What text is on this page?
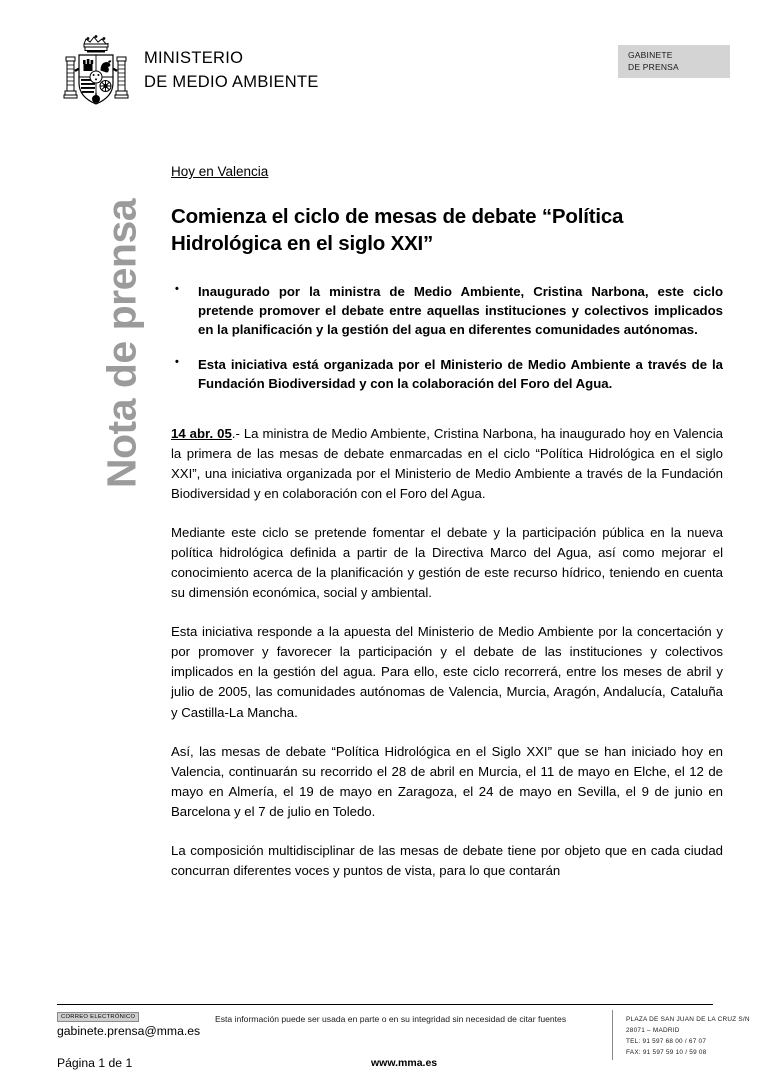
MINISTERIO
DE MEDIO AMBIENTE
GABINETE
DE PRENSA
Nota de prensa
Hoy en Valencia
Comienza el ciclo de mesas de debate “Política Hidrológica en el siglo XXI”
• Inaugurado por la ministra de Medio Ambiente, Cristina Narbona, este ciclo pretende promover el debate entre aquellas instituciones y colectivos implicados en la planificación y la gestión del agua en diferentes comunidades autónomas.
• Esta iniciativa está organizada por el Ministerio de Medio Ambiente a través de la Fundación Biodiversidad y con la colaboración del Foro del Agua.

14 abr. 05.- La ministra de Medio Ambiente, Cristina Narbona, ha inaugurado hoy en Valencia la primera de las mesas de debate enmarcadas en el ciclo “Política Hidrológica en el siglo XXI”, una iniciativa organizada por el Ministerio de Medio Ambiente a través de la Fundación Biodiversidad y en colaboración con el Foro del Agua.

Mediante este ciclo se pretende fomentar el debate y la participación pública en la nueva política hidrológica definida a partir de la Directiva Marco del Agua, así como mejorar el conocimiento acerca de la planificación y gestión de este recurso hídrico, teniendo en cuenta su dimensión económica, social y ambiental.

Esta iniciativa responde a la apuesta del Ministerio de Medio Ambiente por la concertación y por promover y favorecer la participación y el debate de las instituciones y colectivos implicados en la gestión del agua. Para ello, este ciclo recorrerá, entre los meses de abril y julio de 2005, las comunidades autónomas de Valencia, Murcia, Aragón, Andalucía, Cataluña y Castilla-La Mancha.

Así, las mesas de debate “Política Hidrológica en el Siglo XXI” que se han iniciado hoy en Valencia, continuarán su recorrido el 28 de abril en Murcia, el 11 de mayo en Elche, el 12 de mayo en Almería, el 19 de mayo en Zaragoza, el 24 de mayo en Sevilla, el 9 de junio en Barcelona y el 7 de julio en Toledo.

La composición multidisciplinar de las mesas de debate tiene por objeto que en cada ciudad concurran diferentes voces y puntos de vista, para lo que contarán

CORREO ELECTRÓNICO
gabinete.prensa@mma.es
Página 1 de 1
Esta información puede ser usada en parte o en su integridad sin necesidad de citar fuentes
www.mma.es
PLAZA DE SAN JUAN DE LA CRUZ S/N
28071 – MADRID
TEL: 91 597 68 00 / 67 07
FAX: 91 597 59 10 / 59 08
